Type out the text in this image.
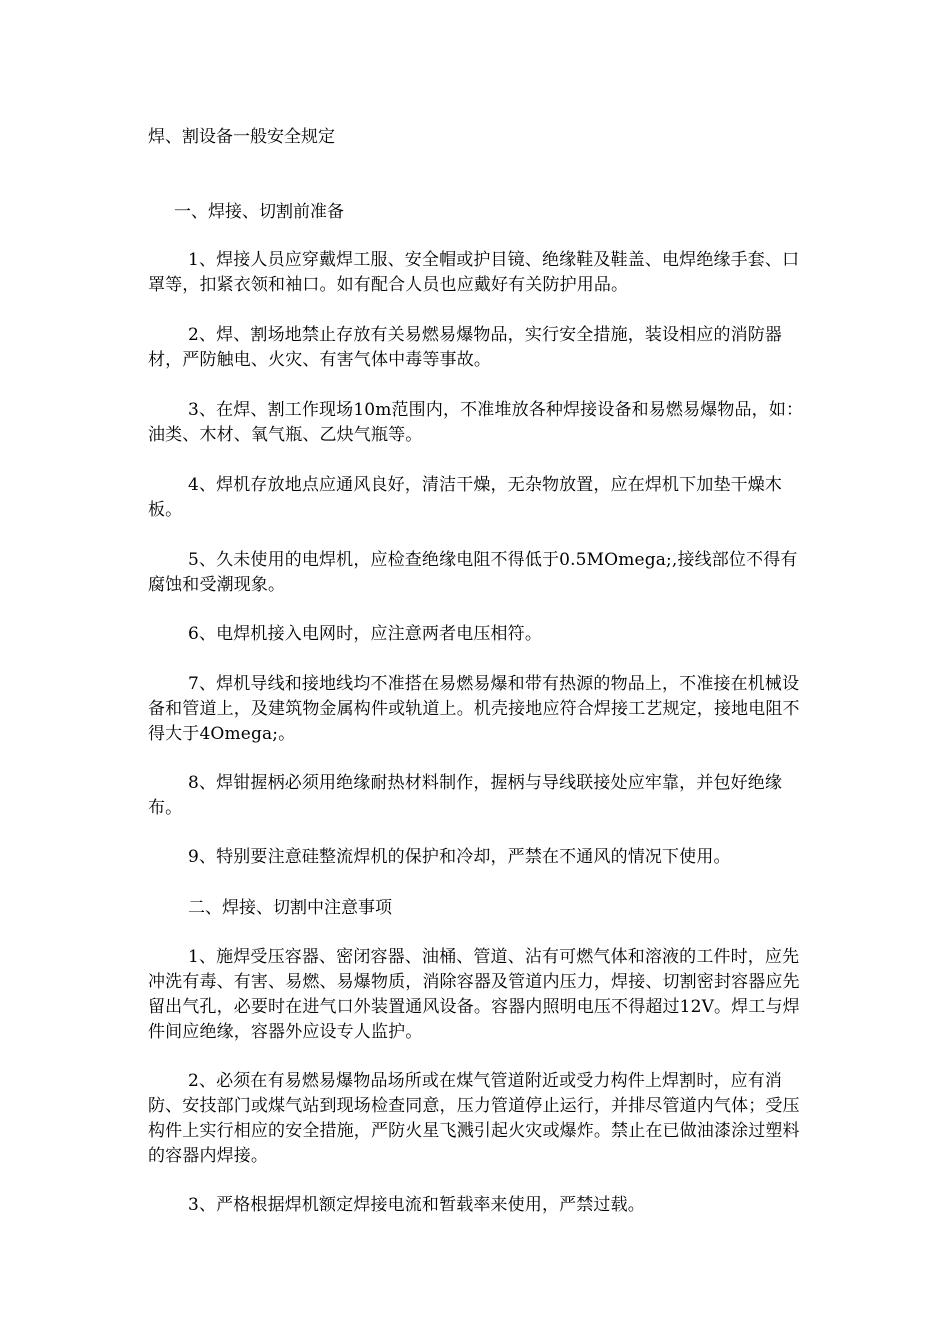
焊、割设备一般安全规定
一、焊接、切割前准备
1、焊接人员应穿戴焊工服、安全帽或护目镜、绝缘鞋及鞋盖、电焊绝缘手套、口罩等，扣紧衣领和袖口。如有配合人员也应戴好有关防护用品。
2、焊、割场地禁止存放有关易燃易爆物品，实行安全措施，装设相应的消防器材，严防触电、火灾、有害气体中毒等事故。
3、在焊、割工作现场10m范围内，不准堆放各种焊接设备和易燃易爆物品，如：油类、木材、氧气瓶、乙炔气瓶等。
4、焊机存放地点应通风良好，清洁干燥，无杂物放置，应在焊机下加垫干燥木板。
5、久未使用的电焊机，应检查绝缘电阻不得低于0.5MOmega;,接线部位不得有腐蚀和受潮现象。
6、电焊机接入电网时，应注意两者电压相符。
7、焊机导线和接地线均不准搭在易燃易爆和带有热源的物品上，不准接在机械设备和管道上，及建筑物金属构件或轨道上。机壳接地应符合焊接工艺规定，接地电阻不得大于4Omega;。
8、焊钳握柄必须用绝缘耐热材料制作，握柄与导线联接处应牢靠，并包好绝缘布。
9、特别要注意硅整流焊机的保护和冷却，严禁在不通风的情况下使用。
二、焊接、切割中注意事项
1、施焊受压容器、密闭容器、油桶、管道、沾有可燃气体和溶液的工件时，应先冲洗有毒、有害、易燃、易爆物质，消除容器及管道内压力，焊接、切割密封容器应先留出气孔，必要时在进气口外装置通风设备。容器内照明电压不得超过12V。焊工与焊件间应绝缘，容器外应设专人监护。
2、必须在有易燃易爆物品场所或在煤气管道附近或受力构件上焊割时，应有消防、安技部门或煤气站到现场检查同意，压力管道停止运行，并排尽管道内气体；受压构件上实行相应的安全措施，严防火星飞溅引起火灾或爆炸。禁止在已做油漆涂过塑料的容器内焊接。
3、严格根据焊机额定焊接电流和暂载率来使用，严禁过载。
